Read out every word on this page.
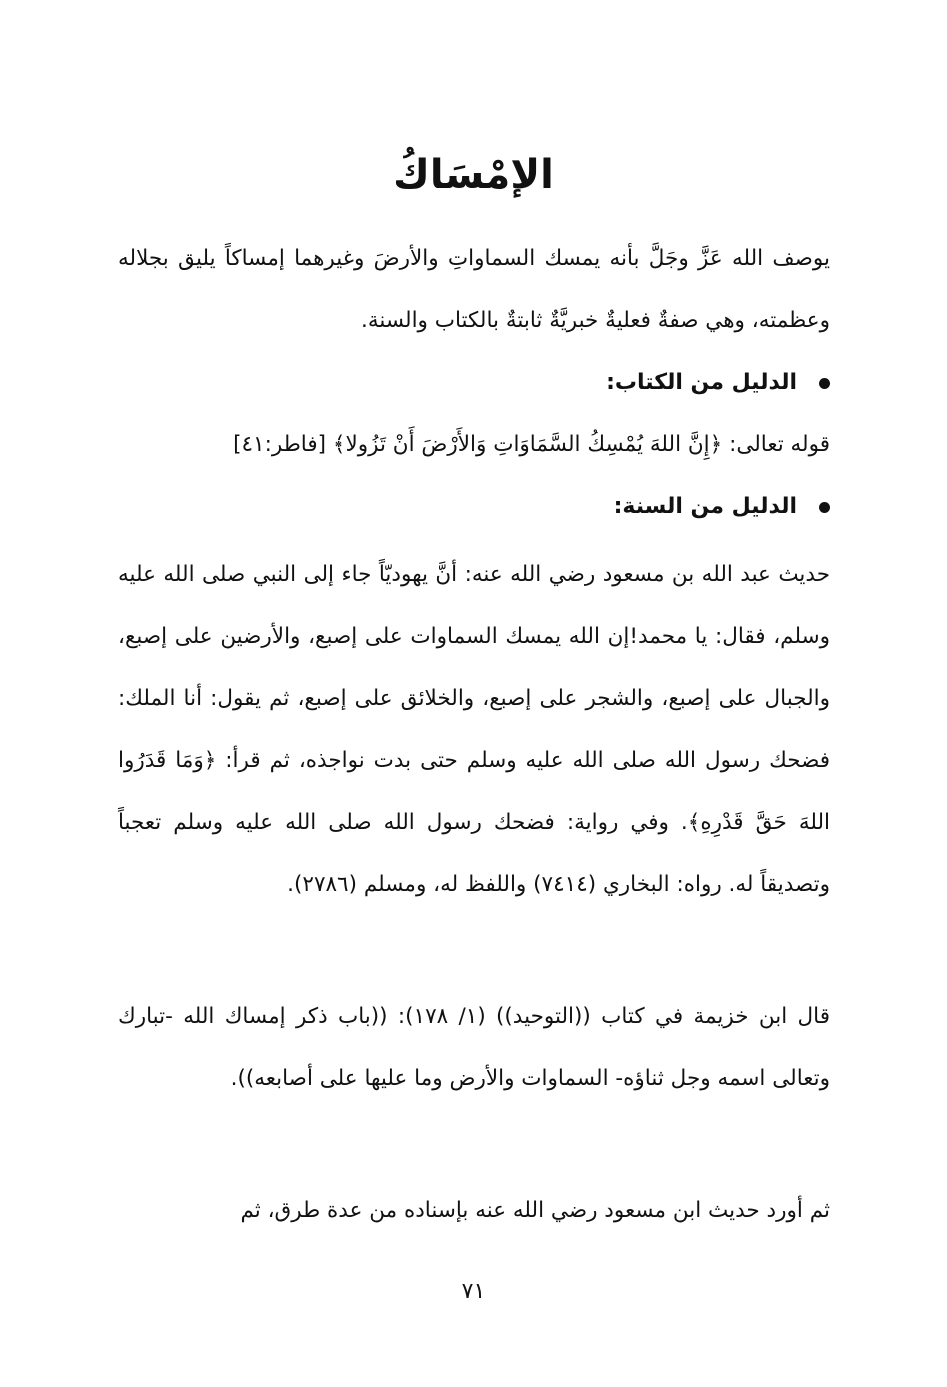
الإمْسَاكُ

يوصف الله عَزَّ وجَلَّ بأنه يمسك السماواتِ والأرضَ وغيرهما إمساكاً يليق بجلاله وعظمته، وهي صفةٌ فعليةٌ خبريَّةٌ ثابتةٌ بالكتاب والسنة.

الدليل من الكتاب:

قوله تعالى: ﴿إِنَّ اللهَ يُمْسِكُ السَّمَاوَاتِ وَالأَرْضَ أَنْ تَزُولا﴾ [فاطر:٤١]

الدليل من السنة:

حديث عبد الله بن مسعود رضي الله عنه: أنَّ يهوديّاً جاء إلى النبي صلى الله عليه وسلم، فقال: يا محمد!إن الله يمسك السماوات على إصبع، والأرضين على إصبع، والجبال على إصبع، والشجر على إصبع، والخلائق على إصبع، ثم يقول: أنا الملك: فضحك رسول الله صلى الله عليه وسلم حتى بدت نواجذه، ثم قرأ: ﴿وَمَا قَدَرُوا اللهَ حَقَّ قَدْرِهِ﴾. وفي رواية: فضحك رسول الله صلى الله عليه وسلم تعجباً وتصديقاً له. رواه: البخاري (٧٤١٤) واللفظ له، ومسلم (٢٧٨٦).

قال ابن خزيمة في كتاب ((التوحيد)) (١/ ١٧٨): ((باب ذكر إمساك الله -تبارك وتعالى اسمه وجل ثناؤه- السماوات والأرض وما عليها على أصابعه)).

ثم أورد حديث ابن مسعود رضي الله عنه بإسناده من عدة طرق، ثم

٧١
